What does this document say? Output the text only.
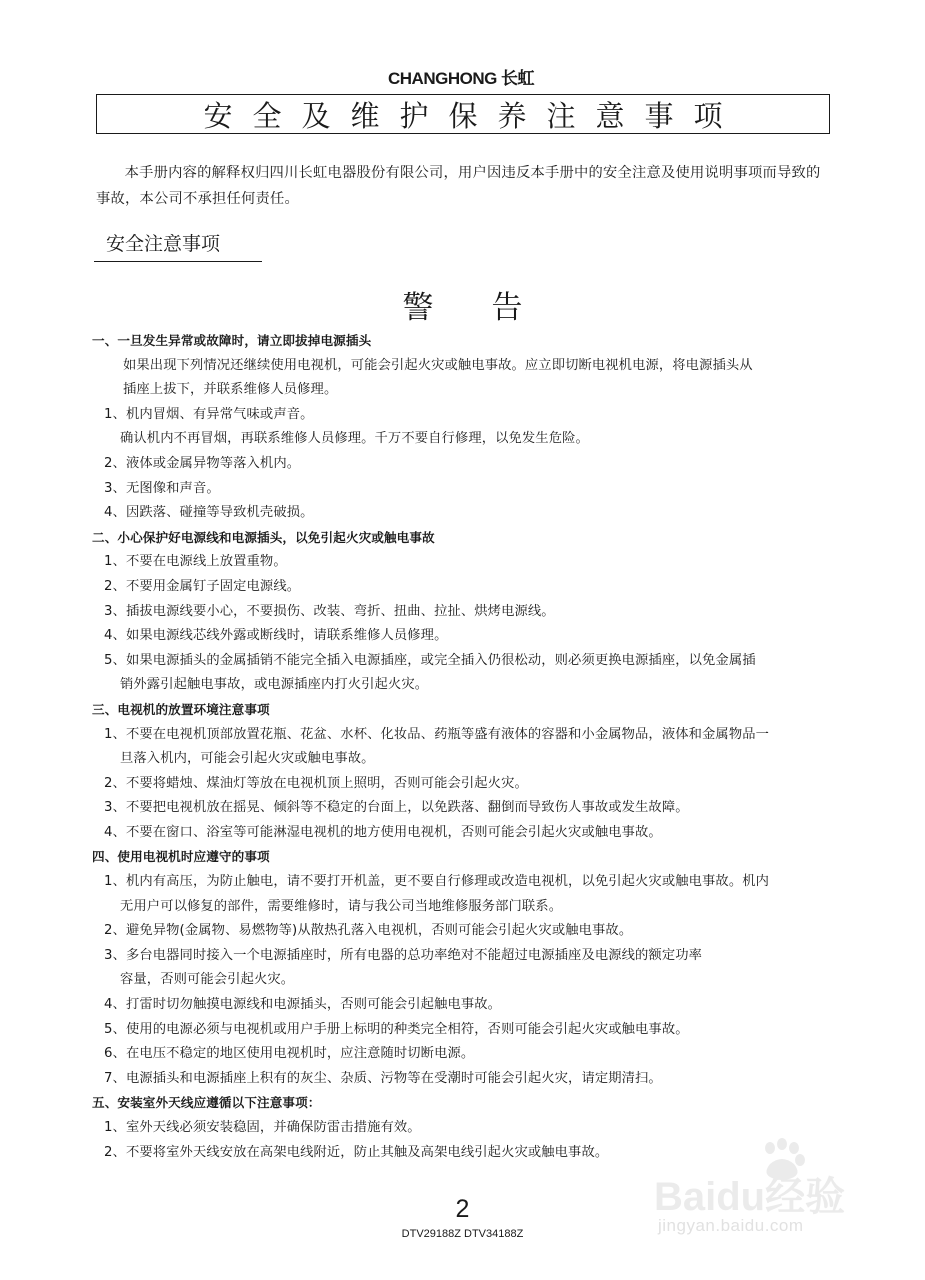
CHANGHONG 长虹
安全及维护保养注意事项
本手册内容的解释权归四川长虹电器股份有限公司，用户因违反本手册中的安全注意及使用说明事项而导致的事故，本公司不承担任何责任。
安全注意事项
警告
一、一旦发生异常或故障时，请立即拔掉电源插头
如果出现下列情况还继续使用电视机，可能会引起火灾或触电事故。应立即切断电视机电源，将电源插头从
插座上拔下，并联系维修人员修理。
1、机内冒烟、有异常气味或声音。
确认机内不再冒烟，再联系维修人员修理。千万不要自行修理，以免发生危险。
2、液体或金属异物等落入机内。
3、无图像和声音。
4、因跌落、碰撞等导致机壳破损。
二、小心保护好电源线和电源插头，以免引起火灾或触电事故
1、不要在电源线上放置重物。
2、不要用金属钉子固定电源线。
3、插拔电源线要小心，不要损伤、改装、弯折、扭曲、拉扯、烘烤电源线。
4、如果电源线芯线外露或断线时，请联系维修人员修理。
5、如果电源插头的金属插销不能完全插入电源插座，或完全插入仍很松动，则必须更换电源插座，以免金属插
销外露引起触电事故，或电源插座内打火引起火灾。
三、电视机的放置环境注意事项
1、不要在电视机顶部放置花瓶、花盆、水杯、化妆品、药瓶等盛有液体的容器和小金属物品，液体和金属物品一
旦落入机内，可能会引起火灾或触电事故。
2、不要将蜡烛、煤油灯等放在电视机顶上照明，否则可能会引起火灾。
3、不要把电视机放在摇晃、倾斜等不稳定的台面上，以免跌落、翻倒而导致伤人事故或发生故障。
4、不要在窗口、浴室等可能淋湿电视机的地方使用电视机，否则可能会引起火灾或触电事故。
四、使用电视机时应遵守的事项
1、机内有高压，为防止触电，请不要打开机盖，更不要自行修理或改造电视机，以免引起火灾或触电事故。机内
无用户可以修复的部件，需要维修时，请与我公司当地维修服务部门联系。
2、避免异物(金属物、易燃物等)从散热孔落入电视机，否则可能会引起火灾或触电事故。
3、多台电器同时接入一个电源插座时，所有电器的总功率绝对不能超过电源插座及电源线的额定功率
容量，否则可能会引起火灾。
4、打雷时切勿触摸电源线和电源插头，否则可能会引起触电事故。
5、使用的电源必须与电视机或用户手册上标明的种类完全相符，否则可能会引起火灾或触电事故。
6、在电压不稳定的地区使用电视机时，应注意随时切断电源。
7、电源插头和电源插座上积有的灰尘、杂质、污物等在受潮时可能会引起火灾，请定期清扫。
五、安装室外天线应遵循以下注意事项：
1、室外天线必须安装稳固，并确保防雷击措施有效。
2、不要将室外天线安放在高架电线附近，防止其触及高架电线引起火灾或触电事故。
2
DTV29188Z DTV34188Z
Baidu经验
jingyan.baidu.com
